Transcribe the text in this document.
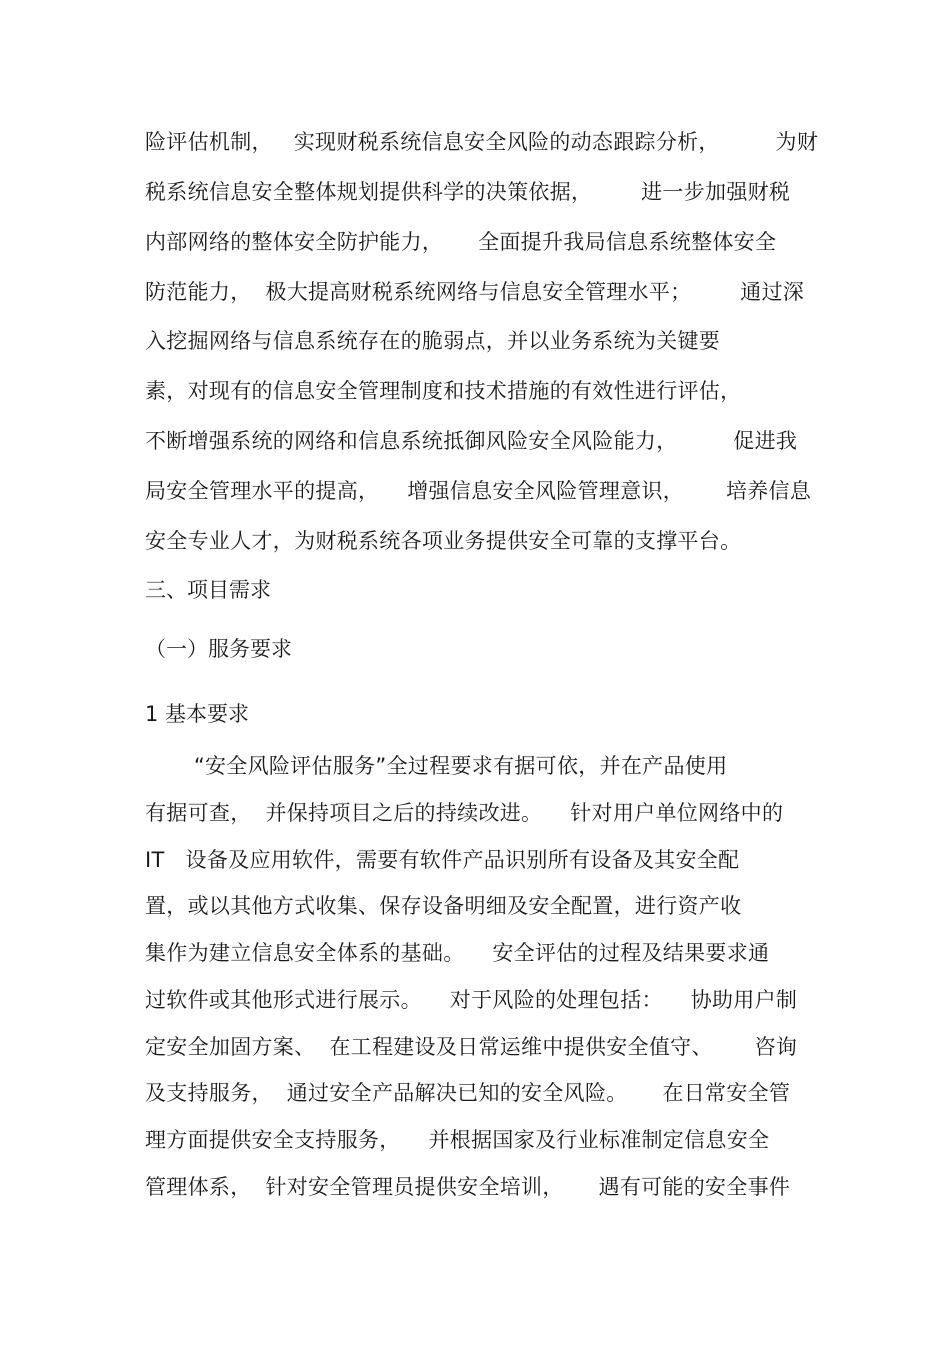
险评估机制，   实现财税系统信息安全风险的动态跟踪分析，        为财
税系统信息安全整体规划提供科学的决策依据，       进一步加强财税
内部网络的整体安全防护能力，     全面提升我局信息系统整体安全
防范能力，  极大提高财税系统网络与信息安全管理水平；       通过深
入挖掘网络与信息系统存在的脆弱点，并以业务系统为关键要
素，对现有的信息安全管理制度和技术措施的有效性进行评估，
不断增强系统的网络和信息系统抵御风险安全风险能力，        促进我
局安全管理水平的提高，    增强信息安全风险管理意识，      培养信息
安全专业人才，为财税系统各项业务提供安全可靠的支撑平台。
三、项目需求
（一）服务要求
1 基本要求
“安全风险评估服务”全过程要求有据可依，并在产品使用
有据可查，  并保持项目之后的持续改进。    针对用户单位网络中的
IT   设备及应用软件，需要有软件产品识别所有设备及其安全配
置，或以其他方式收集、保存设备明细及安全配置，进行资产收
集作为建立信息安全体系的基础。    安全评估的过程及结果要求通
过软件或其他形式进行展示。    对于风险的处理包括：    协助用户制
定安全加固方案、  在工程建设及日常运维中提供安全值守、      咨询
及支持服务，  通过安全产品解决已知的安全风险。     在日常安全管
理方面提供安全支持服务，    并根据国家及行业标准制定信息安全
管理体系，  针对安全管理员提供安全培训，     遇有可能的安全事件
